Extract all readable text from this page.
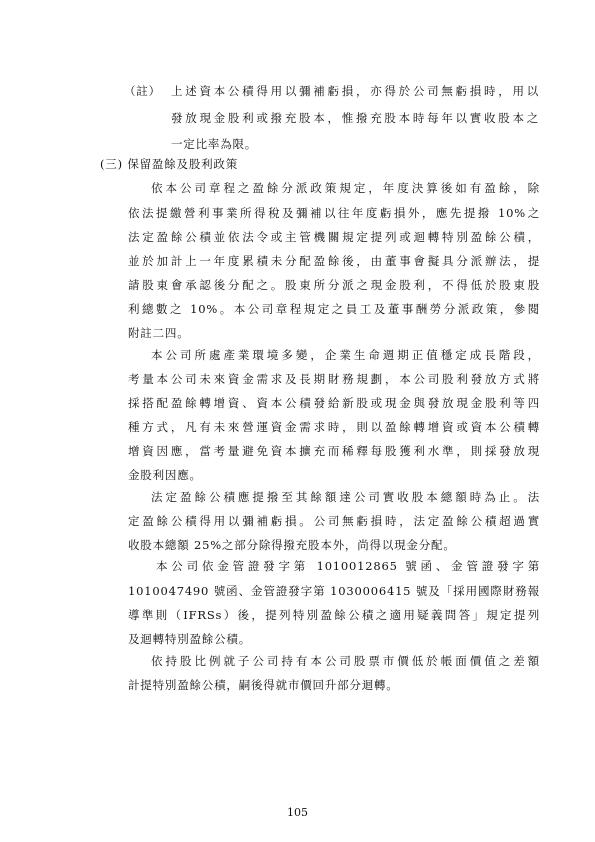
（註） 上述資本公積得用以彌補虧損，亦得於公司無虧損時，用以
發放現金股利或撥充股本，惟撥充股本時每年以實收股本之
一定比率為限。
(三) 保留盈餘及股利政策
依本公司章程之盈餘分派政策規定，年度決算後如有盈餘，除
依法提繳營利事業所得稅及彌補以往年度虧損外，應先提撥 10%之
法定盈餘公積並依法令或主管機關規定提列或迴轉特別盈餘公積，
並於加計上一年度累積未分配盈餘後，由董事會擬具分派辦法，提
請股東會承認後分配之。股東所分派之現金股利，不得低於股東股
利總數之 10%。本公司章程規定之員工及董事酬勞分派政策，參閱
附註二四。
本公司所處產業環境多變，企業生命週期正值穩定成長階段，
考量本公司未來資金需求及長期財務規劃，本公司股利發放方式將
採搭配盈餘轉增資、資本公積發給新股或現金與發放現金股利等四
種方式，凡有未來營運資金需求時，則以盈餘轉增資或資本公積轉
增資因應，當考量避免資本擴充而稀釋每股獲利水準，則採發放現
金股利因應。
法定盈餘公積應提撥至其餘額達公司實收股本總額時為止。法
定盈餘公積得用以彌補虧損。公司無虧損時，法定盈餘公積超過實
收股本總額 25%之部分除得撥充股本外，尚得以現金分配。
本公司依金管證發字第 1010012865 號函、金管證發字第
1010047490 號函、金管證發字第 1030006415 號及「採用國際財務報
導準則（IFRSs）後，提列特別盈餘公積之適用疑義問答」規定提列
及迴轉特別盈餘公積。
依持股比例就子公司持有本公司股票市價低於帳面價值之差額
計提特別盈餘公積，嗣後得就市價回升部分迴轉。
105
